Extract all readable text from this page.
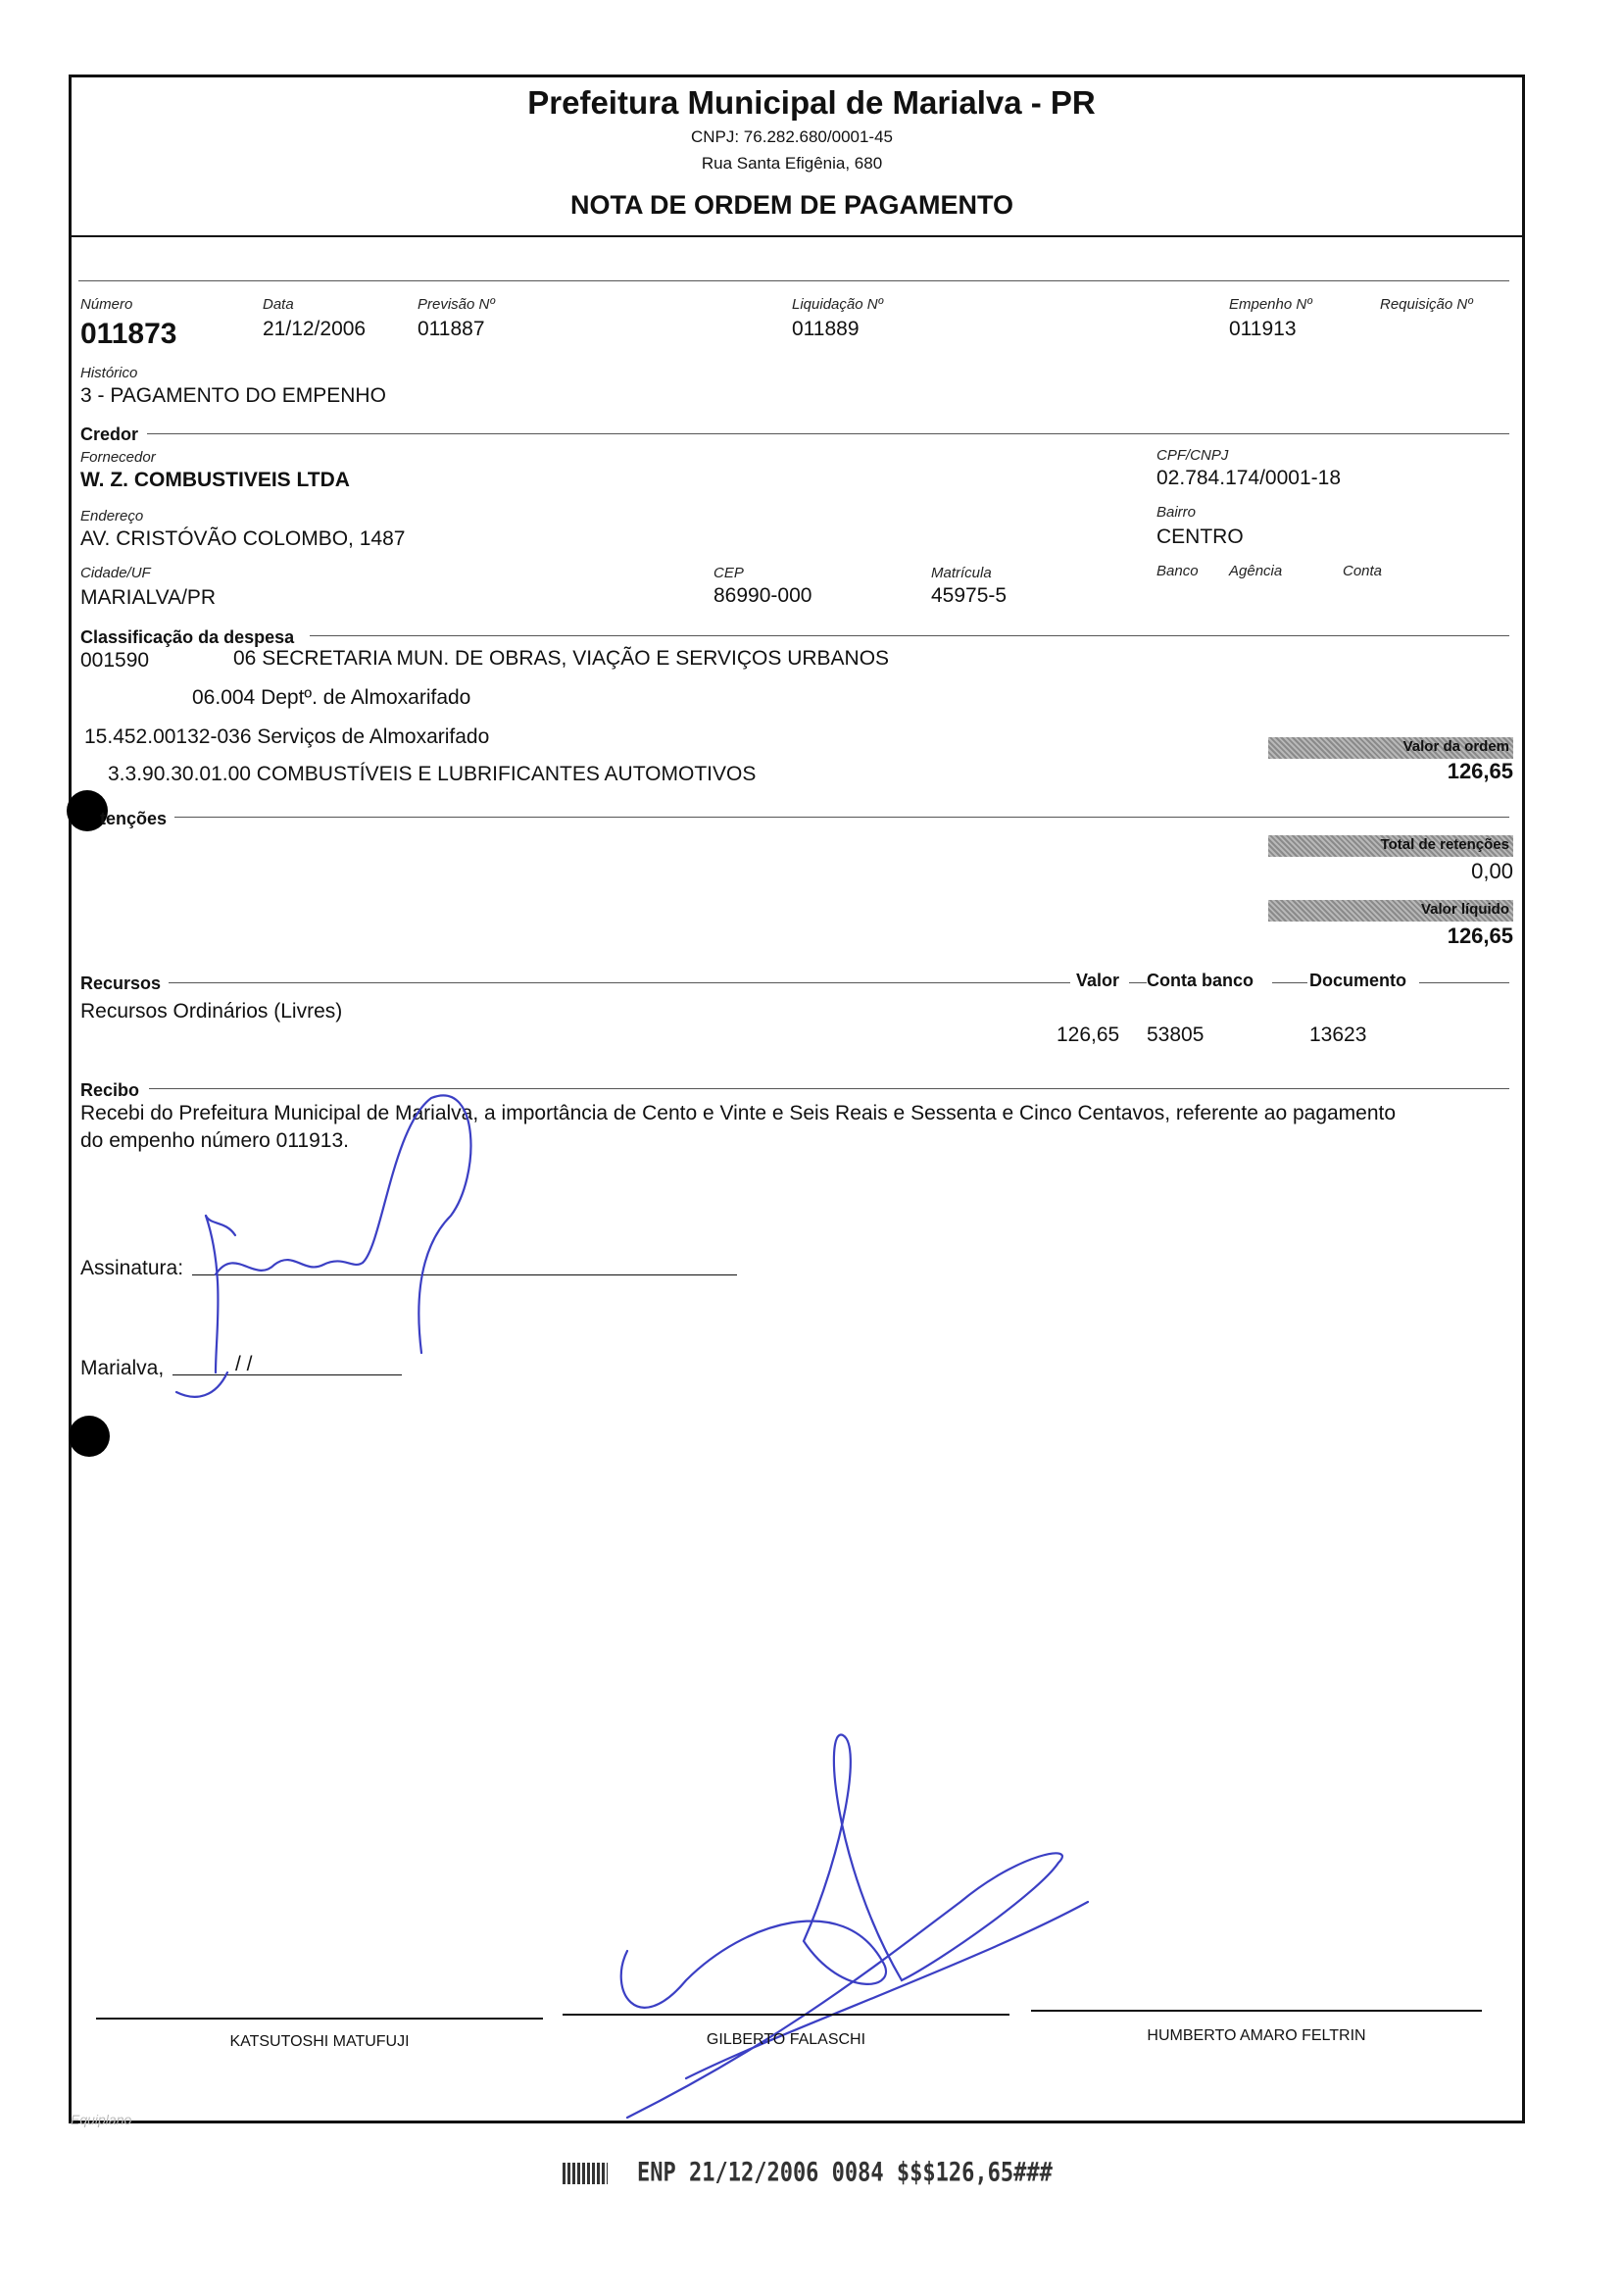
Prefeitura Municipal de Marialva - PR
CNPJ: 76.282.680/0001-45
Rua Santa Efigênia, 680
NOTA DE ORDEM DE PAGAMENTO
Número
011873
Data
21/12/2006
Previsão Nº
011887
Liquidação Nº
011889
Empenho Nº
011913
Requisição Nº
Histórico
3 - PAGAMENTO DO EMPENHO
Credor
Fornecedor
W. Z. COMBUSTIVEIS LTDA
CPF/CNPJ
02.784.174/0001-18
Endereço
AV. CRISTÓVÃO COLOMBO, 1487
Bairro
CENTRO
Cidade/UF
MARIALVA/PR
CEP
86990-000
Matrícula
45975-5
Banco Agência	Conta
Classificação da despesa
001590	06 SECRETARIA MUN. DE OBRAS, VIAÇÃO E SERVIÇOS URBANOS
06.004 Deptº. de Almoxarifado
15.452.00132-036 Serviços de Almoxarifado
3.3.90.30.01.00 COMBUSTÍVEIS E LUBRIFICANTES AUTOMOTIVOS
Valor da ordem
126,65
tenções
Total de retenções
0,00
Valor líquido
126,65
Recursos	Valor Conta banco	Documento
Recursos Ordinários (Livres)
126,65 53805	13623
Recibo
Recebi do Prefeitura Municipal de Marialva, a importância de Cento e Vinte e Seis Reais e Sessenta e Cinco Centavos, referente ao pagamento
do empenho número 011913.
Assinatura:
Marialva,	/ /
KATSUTOSHI MATUFUJI	GILBERTO FALASCHI	HUMBERTO AMARO FELTRIN
Equiplano
ENP 21/12/2006 0084 $$$126,65###
